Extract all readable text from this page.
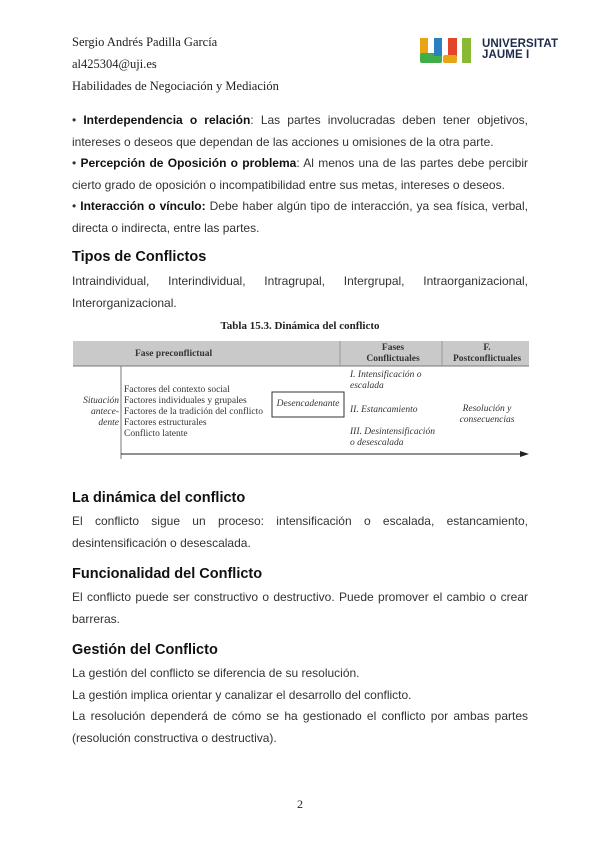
Sergio Andrés Padilla García
al425304@uji.es
Habilidades de Negociación y Mediación
UNIVERSITAT
JAUME I
• Interdependencia o relación: Las partes involucradas deben tener objetivos, intereses o deseos que dependan de las acciones u omisiones de la otra parte.
• Percepción de Oposición o problema: Al menos una de las partes debe percibir cierto grado de oposición o incompatibilidad entre sus metas, intereses o deseos.
• Interacción o vínculo: Debe haber algún tipo de interacción, ya sea física, verbal, directa o indirecta, entre las partes.
Tipos de Conflictos
Intraindividual, Interindividual, Intragrupal, Intergrupal, Intraorganizacional, Interorganizacional.
Tabla 15.3. Dinámica del conflicto
Fase preconflictual
Fases
Conflictuales
F.
Postconflictuales
Situación
antece-
dente
Factores del contexto social
Factores individuales y grupales
Factores de la tradición del conflicto
Factores estructurales
Conflicto latente
Desencadenante
I. Intensificación o
escalada
II. Estancamiento
III. Desintensificación
o desescalada
Resolución y
consecuencias
La dinámica del conflicto
El conflicto sigue un proceso: intensificación o escalada, estancamiento, desintensificación o desescalada.
Funcionalidad del Conflicto
El conflicto puede ser constructivo o destructivo. Puede promover el cambio o crear barreras.
Gestión del Conflicto
La gestión del conflicto se diferencia de su resolución.
La gestión implica orientar y canalizar el desarrollo del conflicto.
La resolución dependerá de cómo se ha gestionado el conflicto por ambas partes (resolución constructiva o destructiva).
2
